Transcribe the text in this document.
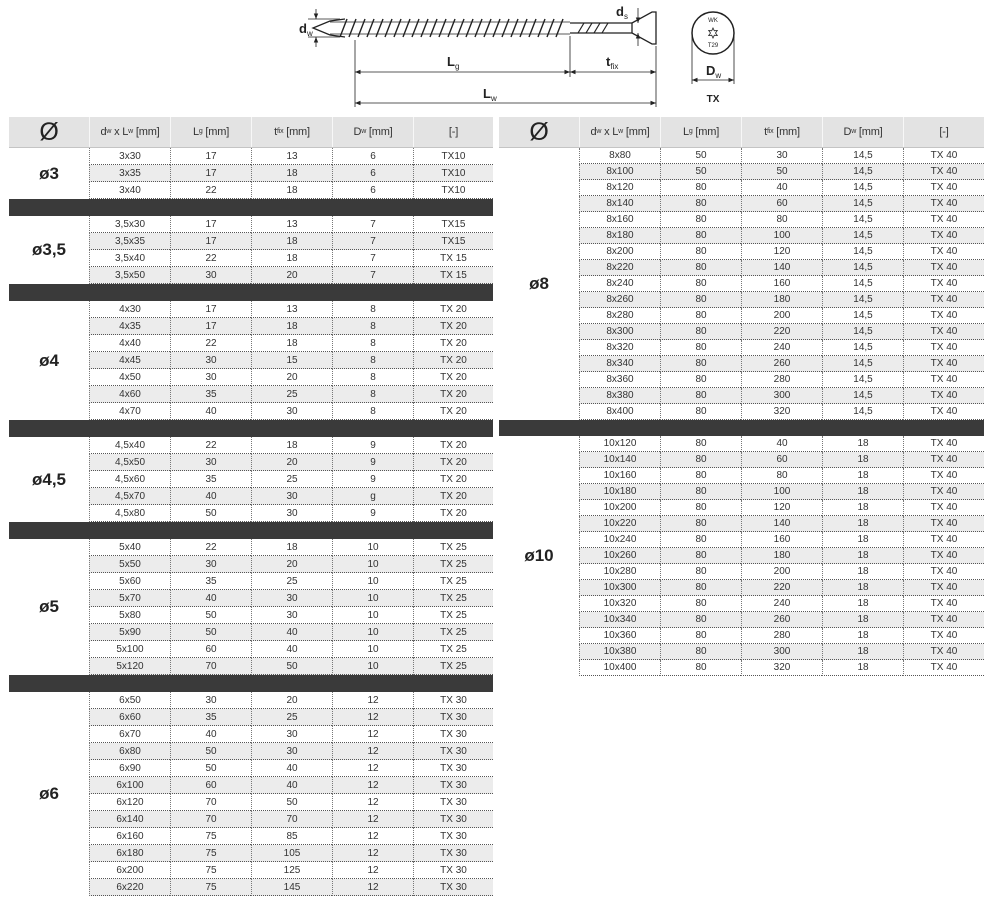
WK
T29
$d_w$
$d_s$
$L_g$	$t_{fix}$
$L_w$
$D_w$
TX
Ø	d w x L w [mm]	L g [mm]	t fix [mm]	D w [mm]	[-]
ø3
3x30	17	13	6	TX10
3x35	17	18	6	TX10
3x40	22	18	6	TX10
ø3,5
3,5x30	17	13	7	TX15
3,5x35	17	18	7	TX15
3,5x40	22	18	7	TX 15
3,5x50	30	20	7	TX 15
ø4
4x30	17	13	8	TX 20
4x35	17	18	8	TX 20
4x40	22	18	8	TX 20
4x45	30	15	8	TX 20
4x50	30	20	8	TX 20
4x60	35	25	8	TX 20
4x70	40	30	8	TX 20
ø4,5
4,5x40	22	18	9	TX 20
4,5x50	30	20	9	TX 20
4,5x60	35	25	9	TX 20
4,5x70	40	30	g	TX 20
4,5x80	50	30	9	TX 20
ø5
5x40	22	18	10	TX 25
5x50	30	20	10	TX 25
5x60	35	25	10	TX 25
5x70	40	30	10	TX 25
5x80	50	30	10	TX 25
5x90	50	40	10	TX 25
5x100	60	40	10	TX 25
5x120	70	50	10	TX 25
ø6
6x50	30	20	12	TX 30
6x60	35	25	12	TX 30
6x70	40	30	12	TX 30
6x80	50	30	12	TX 30
6x90	50	40	12	TX 30
6x100	60	40	12	TX 30
6x120	70	50	12	TX 30
6x140	70	70	12	TX 30
6x160	75	85	12	TX 30
6x180	75	105	12	TX 30
6x200	75	125	12	TX 30
6x220	75	145	12	TX 30
Ø	d w x L w [mm]	L g [mm]	t fix [mm]	D w [mm]	[-]
ø8
8x80	50	30	14,5	TX 40
8x100	50	50	14,5	TX 40
8x120	80	40	14,5	TX 40
8x140	80	60	14,5	TX 40
8x160	80	80	14,5	TX 40
8x180	80	100	14,5	TX 40
8x200	80	120	14,5	TX 40
8x220	80	140	14,5	TX 40
8x240	80	160	14,5	TX 40
8x260	80	180	14,5	TX 40
8x280	80	200	14,5	TX 40
8x300	80	220	14,5	TX 40
8x320	80	240	14,5	TX 40
8x340	80	260	14,5	TX 40
8x360	80	280	14,5	TX 40
8x380	80	300	14,5	TX 40
8x400	80	320	14,5	TX 40
ø10
10x120	80	40	18	TX 40
10x140	80	60	18	TX 40
10x160	80	80	18	TX 40
10x180	80	100	18	TX 40
10x200	80	120	18	TX 40
10x220	80	140	18	TX 40
10x240	80	160	18	TX 40
10x260	80	180	18	TX 40
10x280	80	200	18	TX 40
10x300	80	220	18	TX 40
10x320	80	240	18	TX 40
10x340	80	260	18	TX 40
10x360	80	280	18	TX 40
10x380	80	300	18	TX 40
10x400	80	320	18	TX 40
